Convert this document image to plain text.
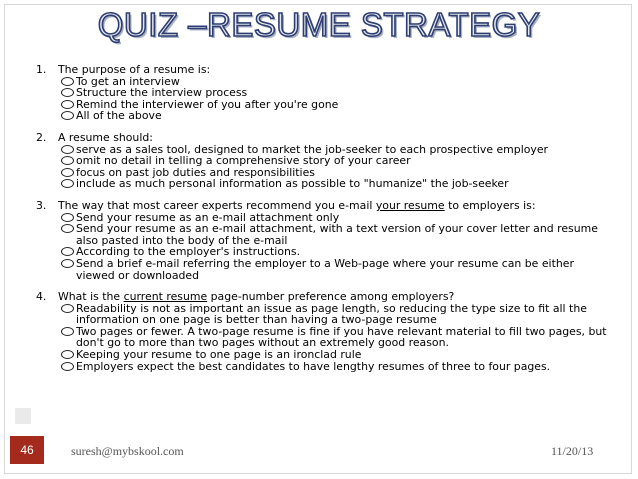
QUIZ –RESUME STRATEGY
1.	The purpose of a resume is:
To get an interview
Structure the interview process
Remind the interviewer of you after you're gone
All of the above
2.	A resume should:
serve as a sales tool, designed to market the job-seeker to each prospective employer
omit no detail in telling a comprehensive story of your career
focus on past job duties and responsibilities
include as much personal information as possible to "humanize" the job-seeker
3.	The way that most career experts recommend you e-mail your resume to employers is:
Send your resume as an e-mail attachment only
Send your resume as an e-mail attachment, with a text version of your cover letter and resume also pasted into the body of the e-mail
According to the employer's instructions.
Send a brief e-mail referring the employer to a Web-page where your resume can be either viewed or downloaded
4.	What is the current resume page-number preference among employers?
Readability is not as important an issue as page length, so reducing the type size to fit all the information on one page is better than having a two-page resume
Two pages or fewer. A two-page resume is fine if you have relevant material to fill two pages, but don't go to more than two pages without an extremely good reason.
Keeping your resume to one page is an ironclad rule
Employers expect the best candidates to have lengthy resumes of three to four pages.
46	suresh@mybskool.com	11/20/13
